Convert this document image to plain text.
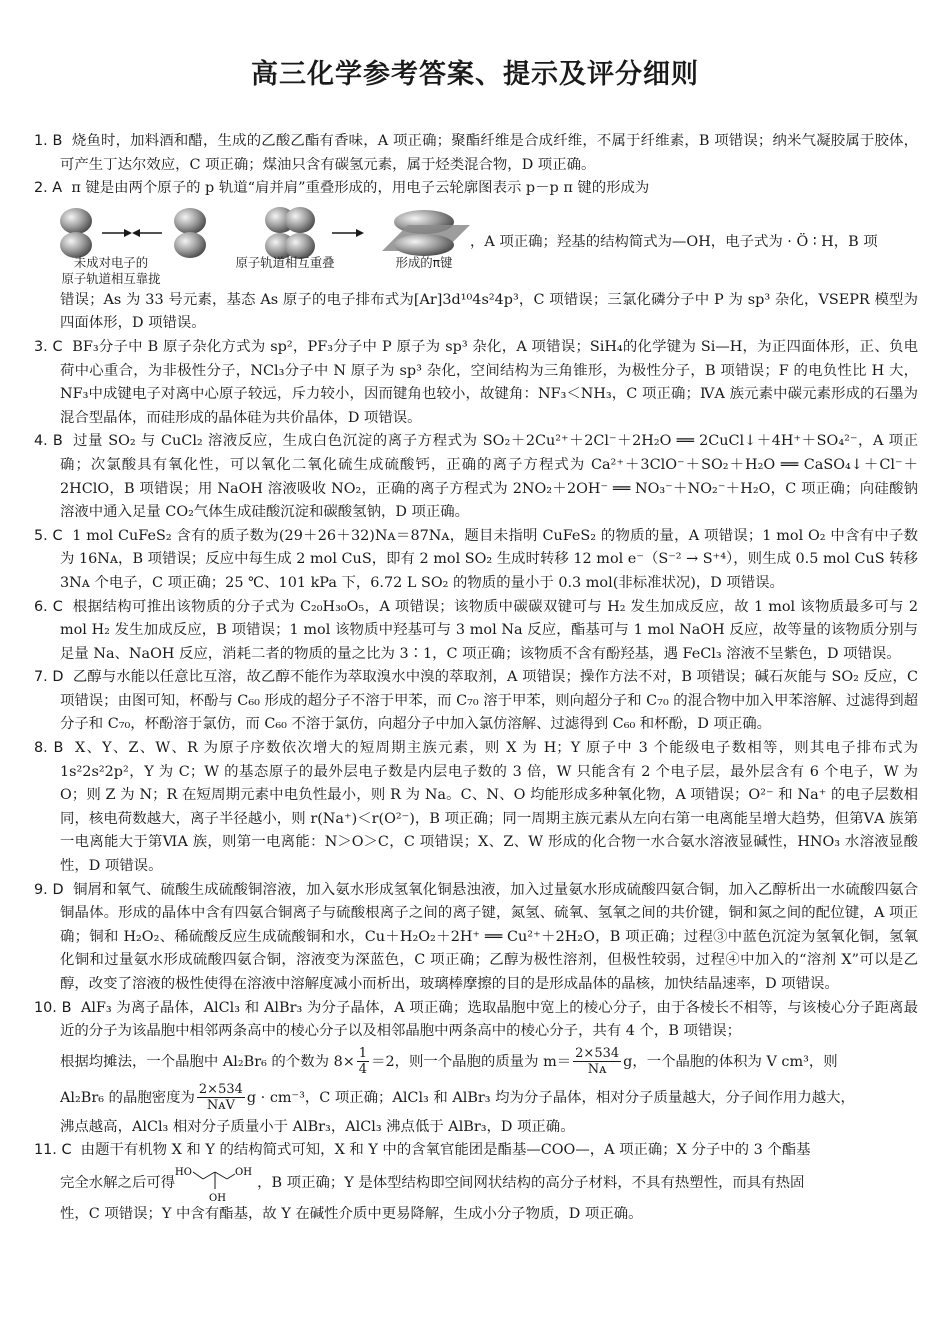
高三化学参考答案、提示及评分细则

1. B 烧鱼时，加料酒和醋，生成的乙酸乙酯有香味，A 项正确；聚酯纤维是合成纤维，不属于纤维素，B 项错误；纳米气凝胶属于胶体，可产生丁达尔效应，C 项正确；煤油只含有碳氢元素，属于烃类混合物，D 项正确。

2. A π 键是由两个原子的 p 轨道“肩并肩”重叠形成的，用电子云轮廓图表示 p－p π 键的形成为
未成对电子的
原子轨道相互靠拢
原子轨道相互重叠	形成的π键
，A 项正确；羟基的结构简式为—OH，电子式为 · Ö ∶ H，B 项
错误；As 为 33 号元素，基态 As 原子的电子排布式为[Ar]3d¹⁰4s²4p³，C 项错误；三氯化磷分子中 P 为 sp³ 杂化，VSEPR 模型为四面体形，D 项错误。

3. C BF₃分子中 B 原子杂化方式为 sp²，PF₃分子中 P 原子为 sp³ 杂化，A 项错误；SiH₄的化学键为 Si—H，为正四面体形，正、负电荷中心重合，为非极性分子，NCl₃分子中 N 原子为 sp³ 杂化，空间结构为三角锥形，为极性分子，B 项错误；F 的电负性比 H 大，NF₃中成键电子对离中心原子较远，斥力较小，因而键角也较小，故键角：NF₃＜NH₃，C 项正确；ⅣA 族元素中碳元素形成的石墨为混合型晶体，而硅形成的晶体硅为共价晶体，D 项错误。

4. B 过量 SO₂ 与 CuCl₂ 溶液反应，生成白色沉淀的离子方程式为 SO₂＋2Cu²⁺＋2Cl⁻＋2H₂O ══ 2CuCl↓＋4H⁺＋SO₄²⁻，A 项正确；次氯酸具有氧化性，可以氧化二氧化硫生成硫酸钙，正确的离子方程式为 Ca²⁺＋3ClO⁻＋SO₂＋H₂O ══ CaSO₄↓＋Cl⁻＋2HClO，B 项错误；用 NaOH 溶液吸收 NO₂，正确的离子方程式为 2NO₂＋2OH⁻ ══ NO₃⁻＋NO₂⁻＋H₂O，C 项正确；向硅酸钠溶液中通入足量 CO₂气体生成硅酸沉淀和碳酸氢钠，D 项正确。

5. C 1 mol CuFeS₂ 含有的质子数为(29＋26＋32)Nᴀ＝87Nᴀ，题目未指明 CuFeS₂ 的物质的量，A 项错误；1 mol O₂ 中含有中子数为 16Nᴀ，B 项错误；反应中每生成 2 mol CuS，即有 2 mol SO₂ 生成时转移 12 mol e⁻（S⁻² → S⁺⁴），则生成 0.5 mol CuS 转移 3Nᴀ 个电子，C 项正确；25 ℃、101 kPa 下，6.72 L SO₂ 的物质的量小于 0.3 mol(非标准状况)，D 项错误。

6. C 根据结构可推出该物质的分子式为 C₂₀H₃₀O₅，A 项错误；该物质中碳碳双键可与 H₂ 发生加成反应，故 1 mol 该物质最多可与 2 mol H₂ 发生加成反应，B 项错误；1 mol 该物质中羟基可与 3 mol Na 反应，酯基可与 1 mol NaOH 反应，故等量的该物质分别与足量 Na、NaOH 反应，消耗二者的物质的量之比为 3∶1，C 项正确；该物质不含有酚羟基，遇 FeCl₃ 溶液不呈紫色，D 项错误。

7. D 乙醇与水能以任意比互溶，故乙醇不能作为萃取溴水中溴的萃取剂，A 项错误；操作方法不对，B 项错误；碱石灰能与 SO₂ 反应，C 项错误；由图可知，杯酚与 C₆₀ 形成的超分子不溶于甲苯，而 C₇₀ 溶于甲苯，则向超分子和 C₇₀ 的混合物中加入甲苯溶解、过滤得到超分子和 C₇₀，杯酚溶于氯仿，而 C₆₀ 不溶于氯仿，向超分子中加入氯仿溶解、过滤得到 C₆₀ 和杯酚，D 项正确。

8. B X、Y、Z、W、R 为原子序数依次增大的短周期主族元素，则 X 为 H；Y 原子中 3 个能级电子数相等，则其电子排布式为 1s²2s²2p²，Y 为 C；W 的基态原子的最外层电子数是内层电子数的 3 倍，W 只能含有 2 个电子层，最外层含有 6 个电子，W 为 O；则 Z 为 N；R 在短周期元素中电负性最小，则 R 为 Na。C、N、O 均能形成多种氧化物，A 项错误；O²⁻ 和 Na⁺ 的电子层数相同，核电荷数越大，离子半径越小，则 r(Na⁺)＜r(O²⁻)，B 项正确；同一周期主族元素从左向右第一电离能呈增大趋势，但第ⅤA 族第一电离能大于第ⅥA 族，则第一电离能：N＞O＞C，C 项错误；X、Z、W 形成的化合物一水合氨水溶液显碱性，HNO₃ 水溶液显酸性，D 项错误。

9. D 铜屑和氧气、硫酸生成硫酸铜溶液，加入氨水形成氢氧化铜悬浊液，加入过量氨水形成硫酸四氨合铜，加入乙醇析出一水硫酸四氨合铜晶体。形成的晶体中含有四氨合铜离子与硫酸根离子之间的离子键，氮氢、硫氧、氢氧之间的共价键，铜和氮之间的配位键，A 项正确；铜和 H₂O₂、稀硫酸反应生成硫酸铜和水，Cu＋H₂O₂＋2H⁺ ══ Cu²⁺＋2H₂O，B 项正确；过程③中蓝色沉淀为氢氧化铜，氢氧化铜和过量氨水形成硫酸四氨合铜，溶液变为深蓝色，C 项正确；乙醇为极性溶剂，但极性较弱，过程④中加入的“溶剂 X”可以是乙醇，改变了溶液的极性使得在溶液中溶解度减小而析出，玻璃棒摩擦的目的是形成晶体的晶核，加快结晶速率，D 项错误。

10. B AlF₃ 为离子晶体，AlCl₃ 和 AlBr₃ 为分子晶体，A 项正确；选取晶胞中宽上的棱心分子，由于各棱长不相等，与该棱心分子距离最近的分子为该晶胞中相邻两条高中的棱心分子以及相邻晶胞中两条高中的棱心分子，共有 4 个，B 项错误；
根据均摊法，一个晶胞中 Al₂Br₆ 的个数为 $8\times \frac{1}{4} =2$，则一个晶胞的质量为 $m= \frac{2\times 534}{\text{Nᴀ}}$ g，一个晶胞的体积为 V cm³，则
Al₂Br₆ 的晶胞密度为 $\frac{2\times 534}{\text{NᴀV}}$ g · cm⁻³，C 项正确；AlCl₃ 和 AlBr₃ 均为分子晶体，相对分子质量越大，分子间作用力越大，
沸点越高，AlCl₃ 相对分子质量小于 AlBr₃，AlCl₃ 沸点低于 AlBr₃，D 项正确。
11. C 由题干有机物 X 和 Y 的结构简式可知，X 和 Y 中的含氧官能团是酯基—COO—，A 项正确；X 分子中的 3 个酯基
完全水解之后可得
HO	OH
OH
，B 项正确；Y 是体型结构即空间网状结构的高分子材料，不具有热塑性，而具有热固
性，C 项错误；Y 中含有酯基，故 Y 在碱性介质中更易降解，生成小分子物质，D 项正确。
